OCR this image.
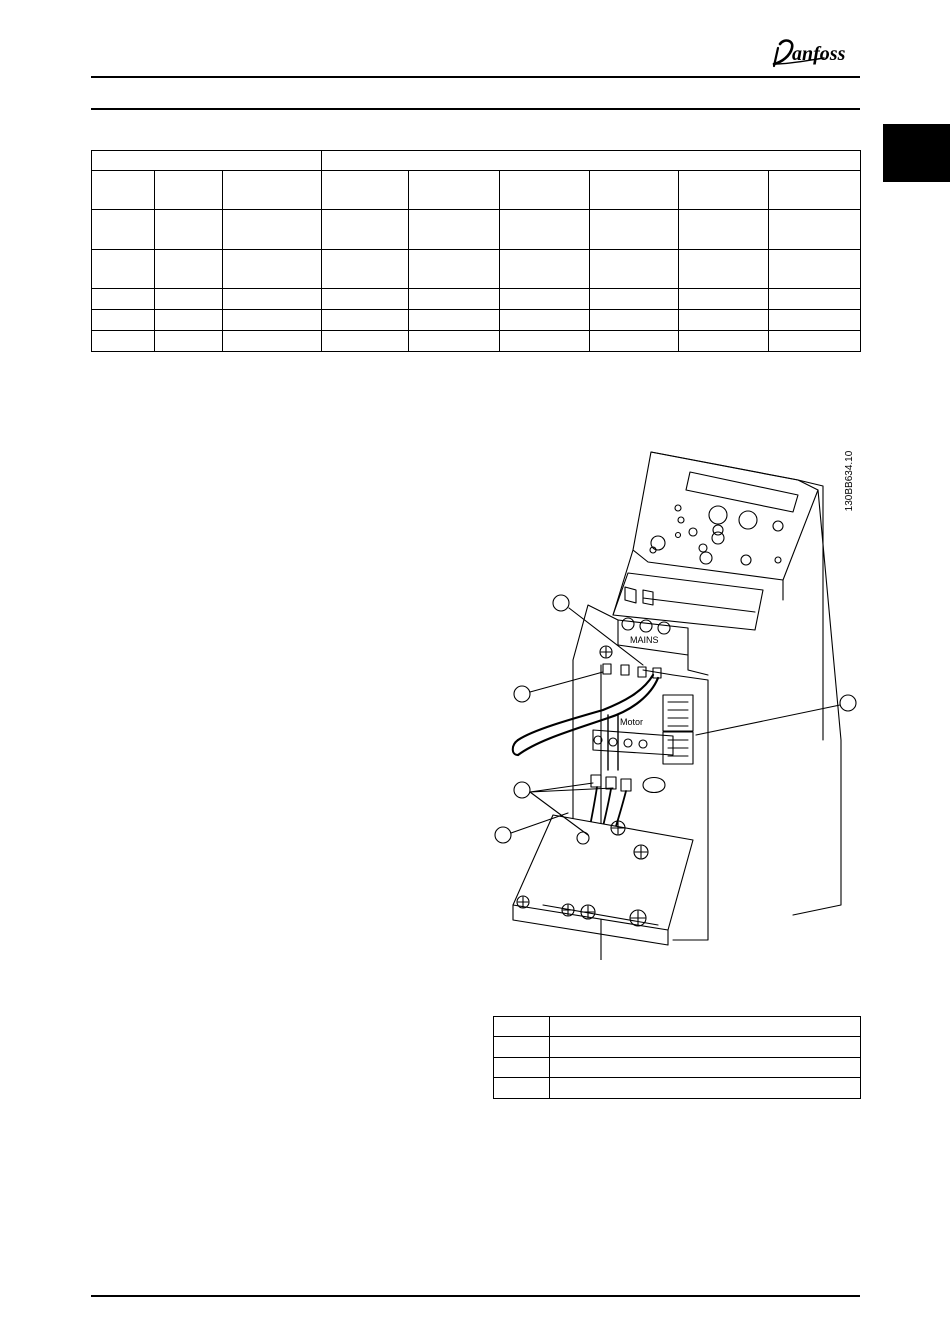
anfoss

MAINS
Motor
130BB634.10
